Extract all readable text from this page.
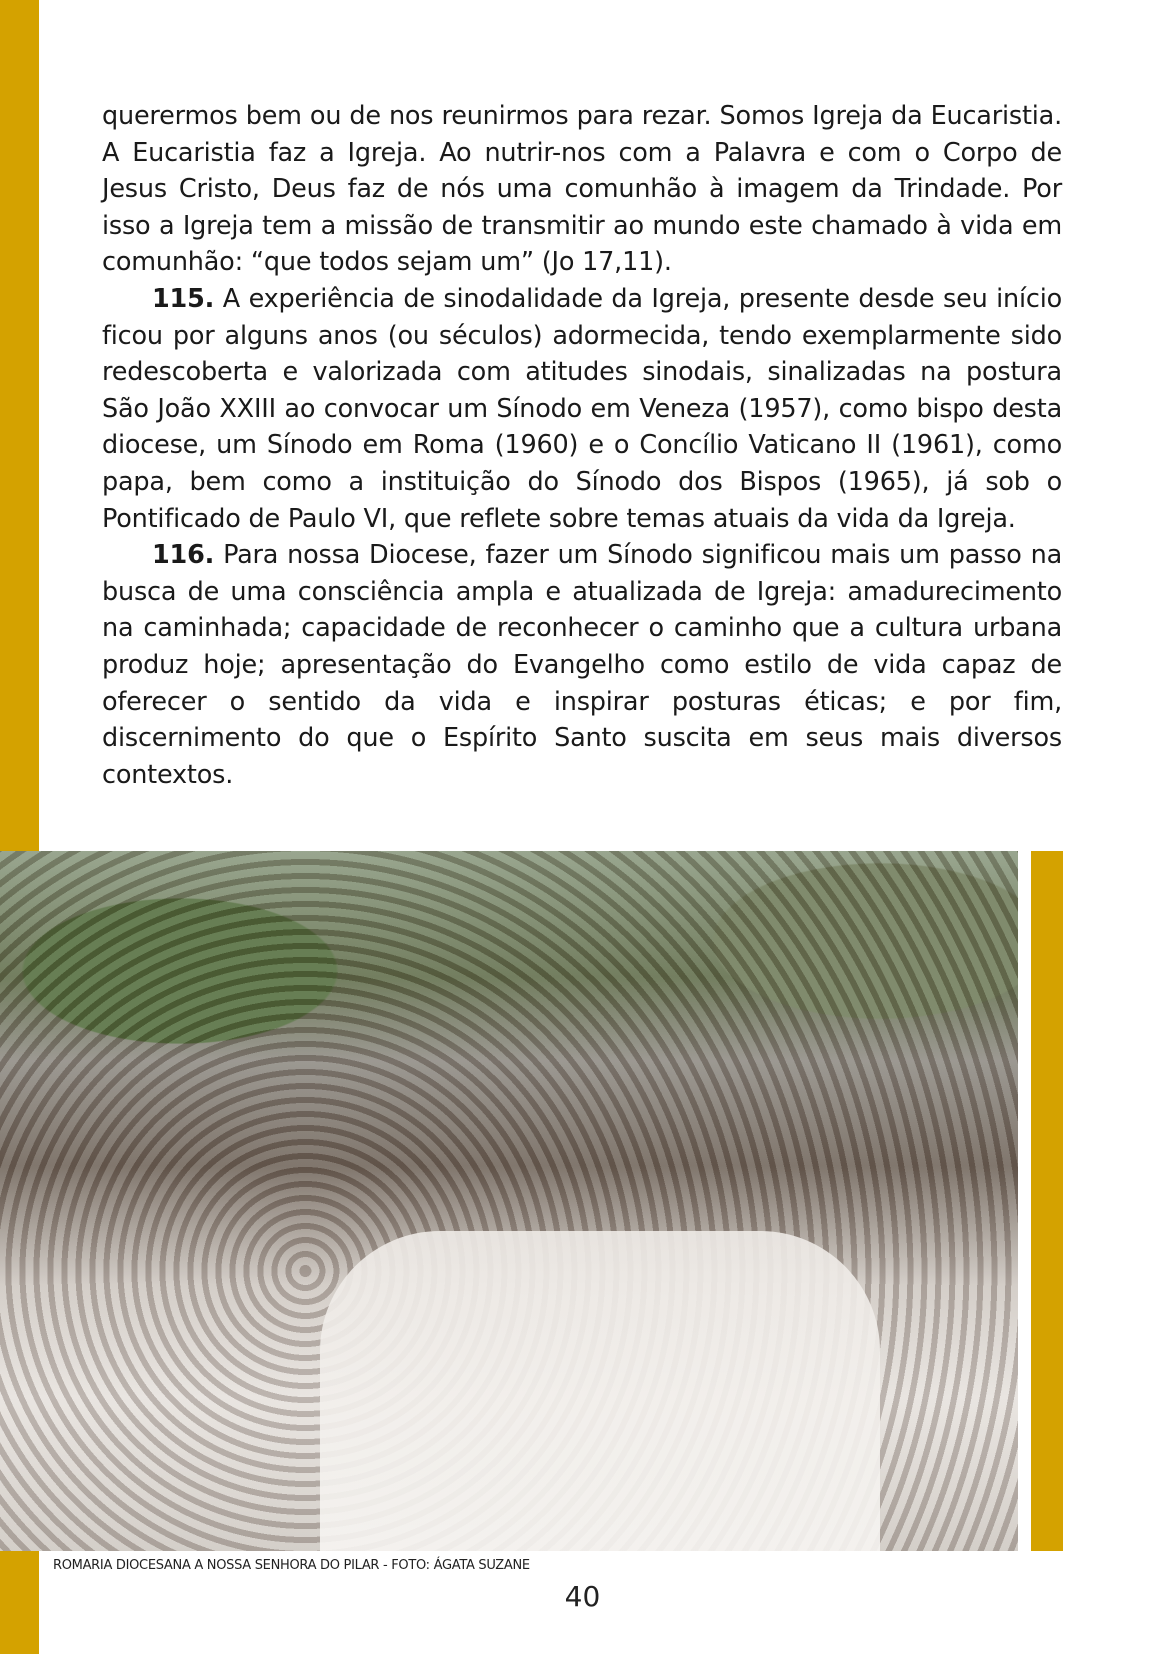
querermos bem ou de nos reunirmos para rezar. Somos Igreja da Eucaristia. A Eucaristia faz a Igreja. Ao nutrir-nos com a Palavra e com o Corpo de Jesus Cristo, Deus faz de nós uma comunhão à imagem da Trindade. Por isso a Igreja tem a missão de transmitir ao mundo este chamado à vida em comunhão: “que todos sejam um” (Jo 17,11).

115. A experiência de sinodalidade da Igreja, presente desde seu início ficou por alguns anos (ou séculos) adormecida, tendo exemplarmente sido redescoberta e valorizada com atitudes sinodais, sinalizadas na postura São João XXIII ao convocar um Sínodo em Veneza (1957), como bispo desta diocese, um Sínodo em Roma (1960) e o Concílio Vaticano II (1961), como papa, bem como a instituição do Sínodo dos Bispos (1965), já sob o Pontificado de Paulo VI, que reflete sobre temas atuais da vida da Igreja.

116. Para nossa Diocese, fazer um Sínodo significou mais um passo na busca de uma consciência ampla e atualizada de Igreja: amadurecimento na caminhada; capacidade de reconhecer o caminho que a cultura urbana produz hoje; apresentação do Evangelho como estilo de vida capaz de oferecer o sentido da vida e inspirar posturas éticas; e por fim, discernimento do que o Espírito Santo suscita em seus mais diversos contextos.

ROMARIA DIOCESANA A NOSSA SENHORA DO PILAR - FOTO: ÁGATA SUZANE
40
